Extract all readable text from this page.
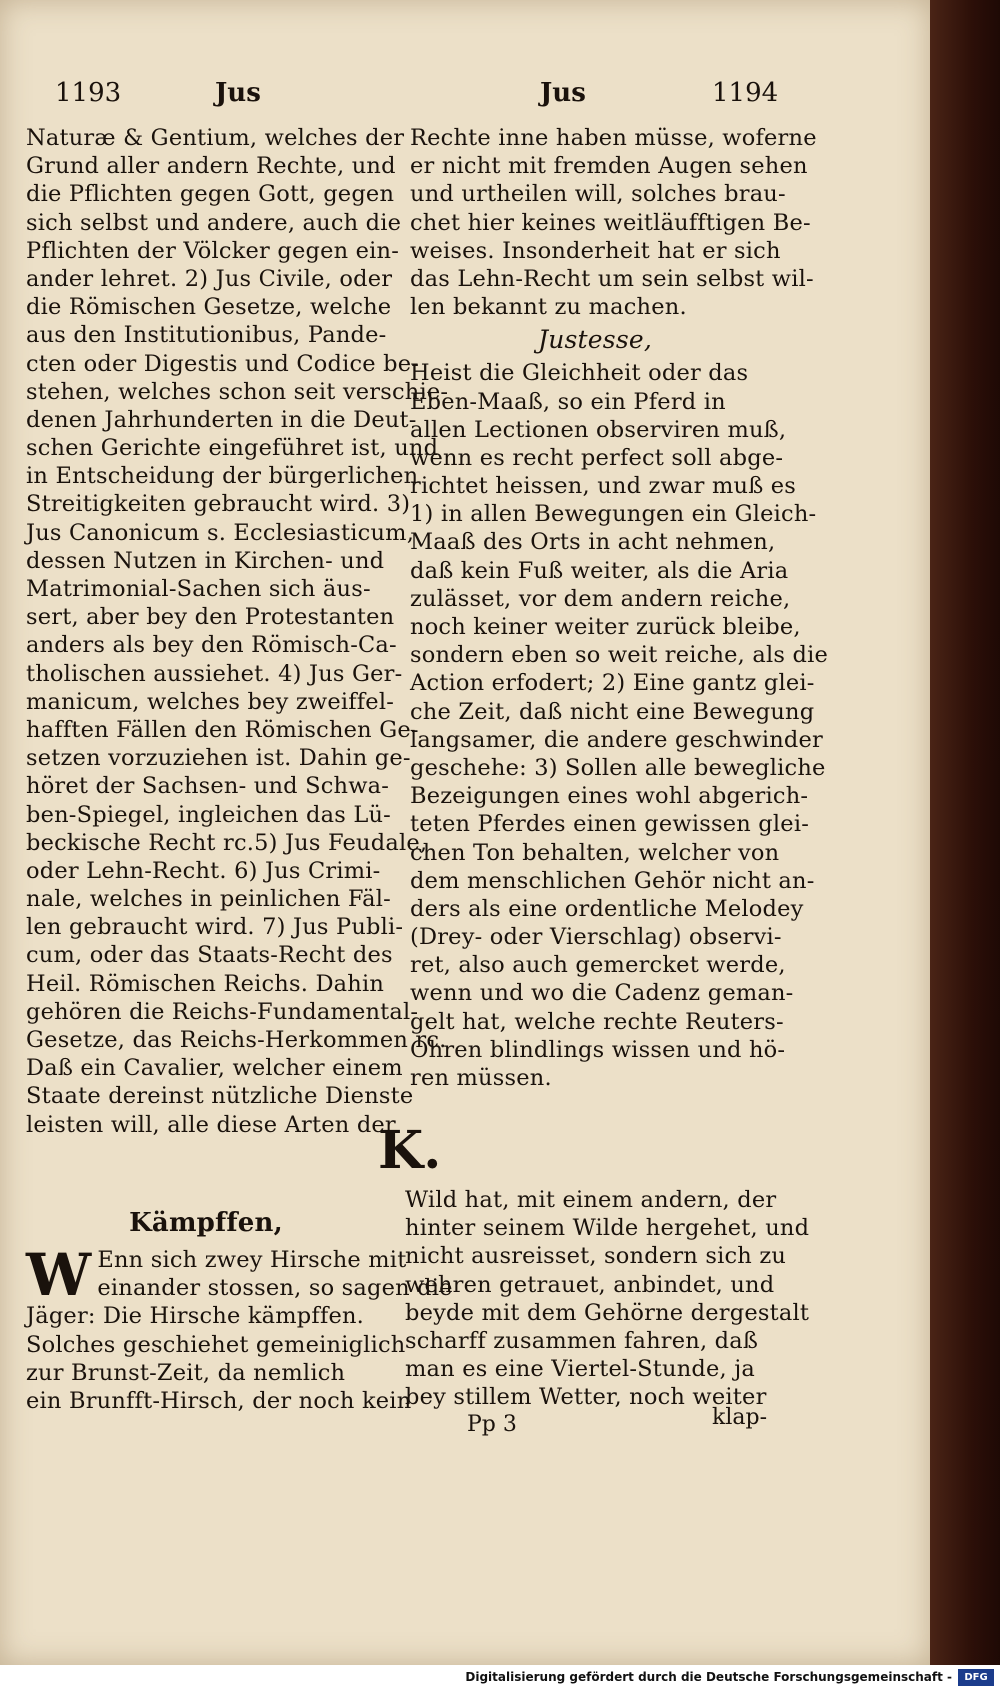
1193	Jus	Jus	1194
Naturæ & Gentium, welches der
Grund aller andern Rechte, und
die Pflichten gegen Gott, gegen
sich selbst und andere, auch die
Pflichten der Völcker gegen ein-
ander lehret. 2) Jus Civile, oder
die Römischen Gesetze, welche
aus den Institutionibus, Pande-
cten oder Digestis und Codice be-
stehen, welches schon seit verschie-
denen Jahrhunderten in die Deut-
schen Gerichte eingeführet ist, und
in Entscheidung der bürgerlichen
Streitigkeiten gebraucht wird. 3)
Jus Canonicum s. Ecclesiasticum,
dessen Nutzen in Kirchen- und
Matrimonial-Sachen sich äus-
sert, aber bey den Protestanten
anders als bey den Römisch-Ca-
tholischen aussiehet. 4) Jus Ger-
manicum, welches bey zweiffel-
hafften Fällen den Römischen Ge-
setzen vorzuziehen ist. Dahin ge-
höret der Sachsen- und Schwa-
ben-Spiegel, ingleichen das Lü-
beckische Recht rc.5) Jus Feudale,
oder Lehn-Recht. 6) Jus Crimi-
nale, welches in peinlichen Fäl-
len gebraucht wird. 7) Jus Publi-
cum, oder das Staats-Recht des
Heil. Römischen Reichs. Dahin
gehören die Reichs-Fundamental-
Gesetze, das Reichs-Herkommen rc.
Daß ein Cavalier, welcher einem
Staate dereinst nützliche Dienste
leisten will, alle diese Arten der
Rechte inne haben müsse, woferne
er nicht mit fremden Augen sehen
und urtheilen will, solches brau-
chet hier keines weitläufftigen Be-
weises. Insonderheit hat er sich
das Lehn-Recht um sein selbst wil-
len bekannt zu machen.
Justesse,
Heist die Gleichheit oder das
Eben-Maaß, so ein Pferd in
allen Lectionen observiren muß,
wenn es recht perfect soll abge-
richtet heissen, und zwar muß es
1) in allen Bewegungen ein Gleich-
Maaß des Orts in acht nehmen,
daß kein Fuß weiter, als die Aria
zulässet, vor dem andern reiche,
noch keiner weiter zurück bleibe,
sondern eben so weit reiche, als die
Action erfodert; 2) Eine gantz glei-
che Zeit, daß nicht eine Bewegung
langsamer, die andere geschwinder
geschehe: 3) Sollen alle bewegliche
Bezeigungen eines wohl abgerich-
teten Pferdes einen gewissen glei-
chen Ton behalten, welcher von
dem menschlichen Gehör nicht an-
ders als eine ordentliche Melodey
(Drey- oder Vierschlag) observi-
ret, also auch gemercket werde,
wenn und wo die Cadenz geman-
gelt hat, welche rechte Reuters-
Ohren blindlings wissen und hö-
ren müssen.
K.
Kämpffen,
W Enn sich zwey Hirsche mit
einander stossen, so sagen die
Jäger: Die Hirsche kämpffen.
Solches geschiehet gemeiniglich
zur Brunst-Zeit, da nemlich
ein Brunfft-Hirsch, der noch kein
Wild hat, mit einem andern, der
hinter seinem Wilde hergehet, und
nicht ausreisset, sondern sich zu
wehren getrauet, anbindet, und
beyde mit dem Gehörne dergestalt
scharff zusammen fahren, daß
man es eine Viertel-Stunde, ja
bey stillem Wetter, noch weiter
Pp 3	klap-
Digitalisierung gefördert durch die Deutsche Forschungsgemeinschaft -	DFG
